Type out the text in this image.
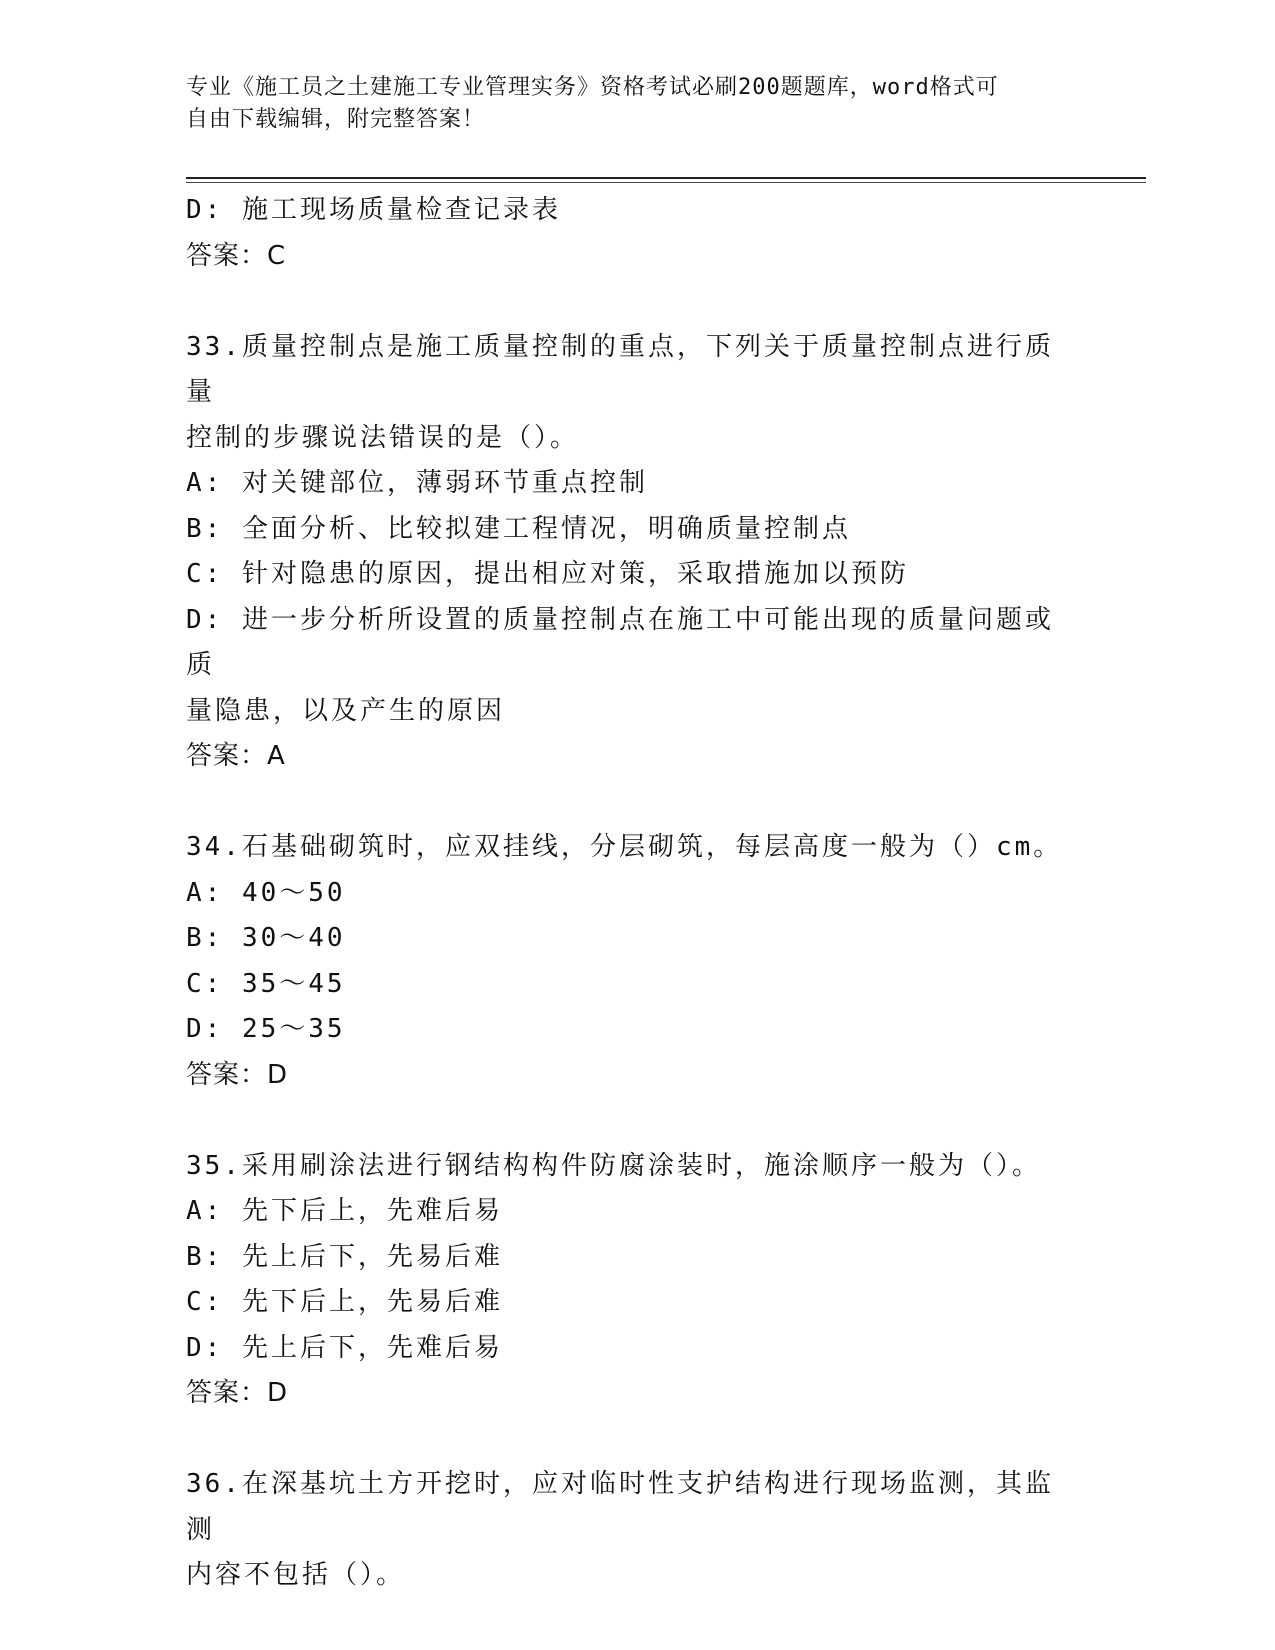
专业《施工员之土建施工专业管理实务》资格考试必刷200题题库，word格式可
自由下载编辑，附完整答案！
D: 施工现场质量检查记录表
答案：C
33.质量控制点是施工质量控制的重点，下列关于质量控制点进行质量
控制的步骤说法错误的是（）。
A: 对关键部位，薄弱环节重点控制
B: 全面分析、比较拟建工程情况，明确质量控制点
C: 针对隐患的原因，提出相应对策，采取措施加以预防
D: 进一步分析所设置的质量控制点在施工中可能出现的质量问题或质
量隐患，以及产生的原因
答案：A
34.石基础砌筑时，应双挂线，分层砌筑，每层高度一般为（）cm。
A: 40～50
B: 30～40
C: 35～45
D: 25～35
答案：D
35.采用刷涂法进行钢结构构件防腐涂装时，施涂顺序一般为（）。
A: 先下后上，先难后易
B: 先上后下，先易后难
C: 先下后上，先易后难
D: 先上后下，先难后易
答案：D
36.在深基坑土方开挖时，应对临时性支护结构进行现场监测，其监测
内容不包括（）。
